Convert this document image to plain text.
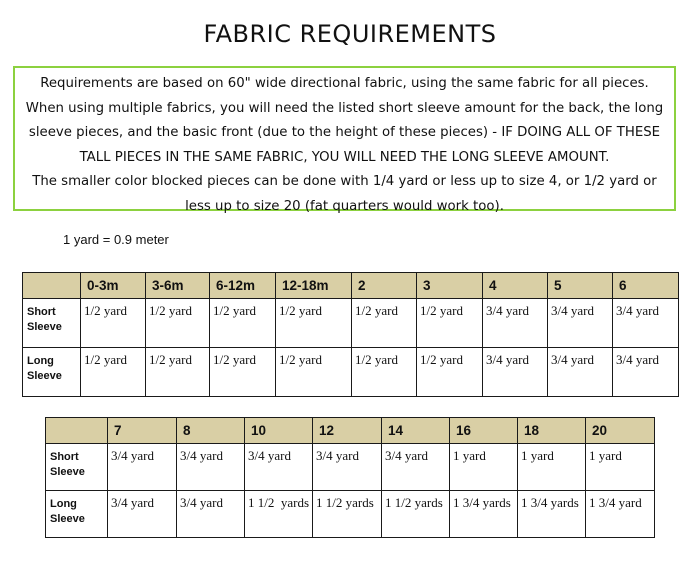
FABRIC REQUIREMENTS

Requirements are based on 60" wide directional fabric, using the same fabric for all pieces.

When using multiple fabrics, you will need the listed short sleeve amount for the back, the long

sleeve pieces, and the basic front (due to the height of these pieces) - IF DOING ALL OF THESE

TALL PIECES IN THE SAME FABRIC, YOU WILL NEED THE LONG SLEEVE AMOUNT.

The smaller color blocked pieces can be done with 1/4 yard or less up to size 4, or 1/2 yard or

less up to size 20 (fat quarters would work too).

1 yard = 0.9 meter
	0-3m	3-6m	6-12m	12-18m	2	3	4	5	6
Short
Sleeve	1/2 yard	1/2 yard	1/2 yard	1/2 yard	1/2 yard	1/2 yard	3/4 yard	3/4 yard	3/4 yard
Long
Sleeve	1/2 yard	1/2 yard	1/2 yard	1/2 yard	1/2 yard	1/2 yard	3/4 yard	3/4 yard	3/4 yard
	7	8	10	12	14	16	18	20
Short
Sleeve	3/4 yard	3/4 yard	3/4 yard	3/4 yard	3/4 yard	1 yard	1 yard	1 yard
Long
Sleeve	3/4 yard	3/4 yard	1 1/2  yards	1 1/2 yards	1 1/2 yards	1 3/4 yards	1 3/4 yards	1 3/4 yard
